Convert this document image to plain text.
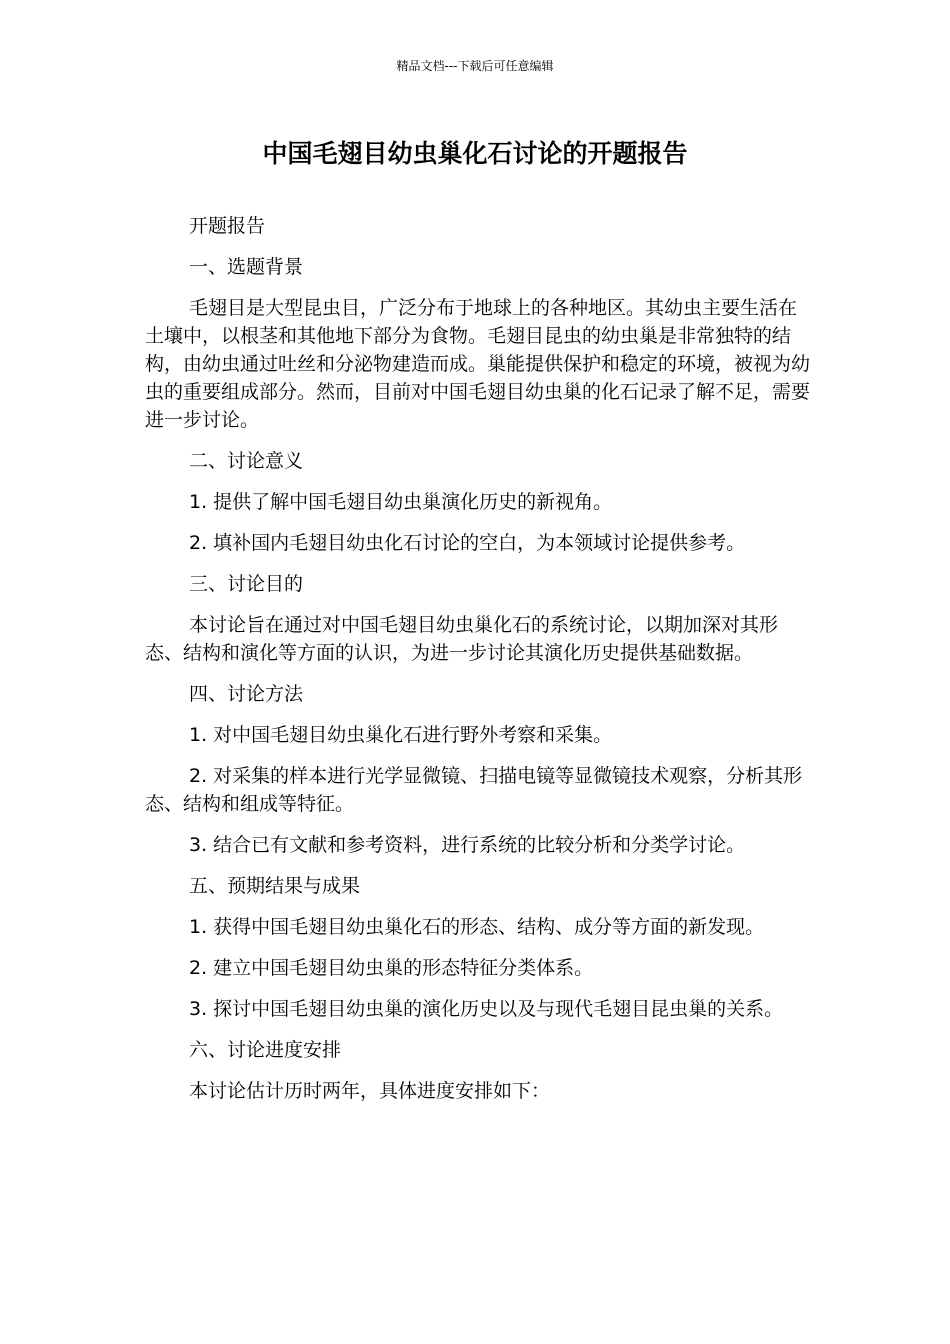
精品文档---下载后可任意编辑
中国毛翅目幼虫巢化石讨论的开题报告

开题报告

一、选题背景

毛翅目是大型昆虫目，广泛分布于地球上的各种地区。其幼虫主要生活在土壤中，以根茎和其他地下部分为食物。毛翅目昆虫的幼虫巢是非常独特的结构，由幼虫通过吐丝和分泌物建造而成。巢能提供保护和稳定的环境，被视为幼虫的重要组成部分。然而，目前对中国毛翅目幼虫巢的化石记录了解不足，需要进一步讨论。

二、讨论意义

1. 提供了解中国毛翅目幼虫巢演化历史的新视角。

2. 填补国内毛翅目幼虫化石讨论的空白，为本领域讨论提供参考。

三、讨论目的

本讨论旨在通过对中国毛翅目幼虫巢化石的系统讨论，以期加深对其形态、结构和演化等方面的认识，为进一步讨论其演化历史提供基础数据。

四、讨论方法

1. 对中国毛翅目幼虫巢化石进行野外考察和采集。

2. 对采集的样本进行光学显微镜、扫描电镜等显微镜技术观察，分析其形态、结构和组成等特征。

3. 结合已有文献和参考资料，进行系统的比较分析和分类学讨论。

五、预期结果与成果

1. 获得中国毛翅目幼虫巢化石的形态、结构、成分等方面的新发现。

2. 建立中国毛翅目幼虫巢的形态特征分类体系。

3. 探讨中国毛翅目幼虫巢的演化历史以及与现代毛翅目昆虫巢的关系。

六、讨论进度安排

本讨论估计历时两年，具体进度安排如下：
